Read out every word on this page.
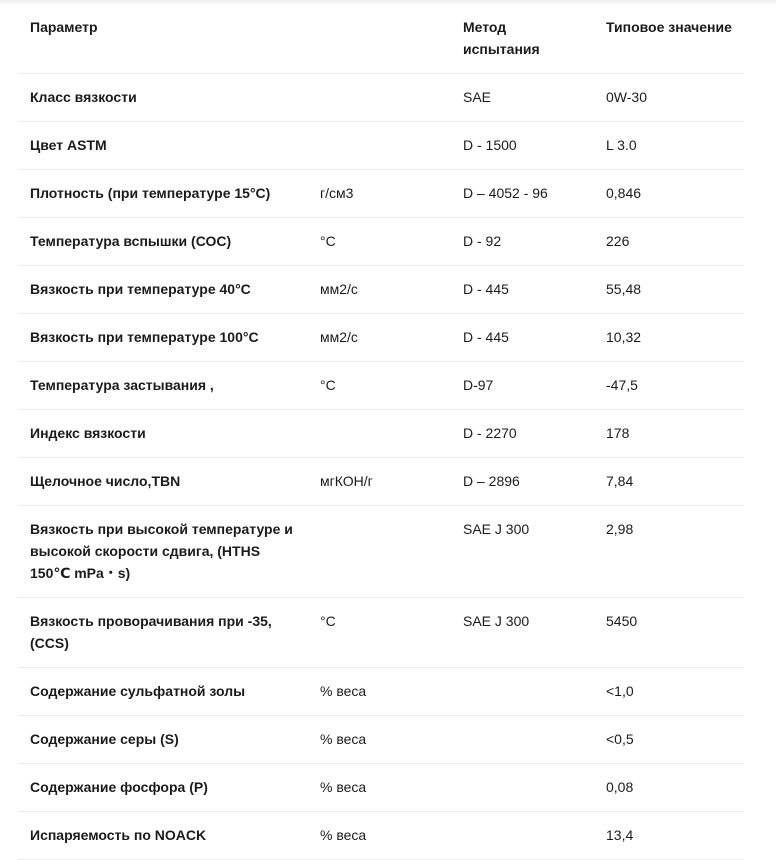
Параметр		Метод испытания	Типовое значение
Класс вязкости		SAE	0W-30
Цвет ASTM		D - 1500	L 3.0
Плотность (при температуре 15°С)	г/см3	D – 4052 - 96	0,846
Температура вспышки (СОС)	°С	D - 92	226
Вязкость при температуре 40°С	мм2/с	D - 445	55,48
Вязкость при температуре 100°С	мм2/с	D - 445	10,32
Температура застывания ,	°С	D-97	-47,5
Индекс вязкости		D - 2270	178
Щелочное число,TBN	мгКОН/г	D – 2896	7,84
Вязкость при высокой температуре и высокой скорости сдвига, (HTHS 150℃ mPa・s)		SAE J 300	2,98
Вязкость проворачивания при -35, (CCS)	°С	SAE J 300	5450
Содержание сульфатной золы	% веса		<1,0
Содержание серы (S)	% веса		<0,5
Содержание фосфора (P)	% веса		0,08
Испаряемость по NOACK	% веса		13,4
